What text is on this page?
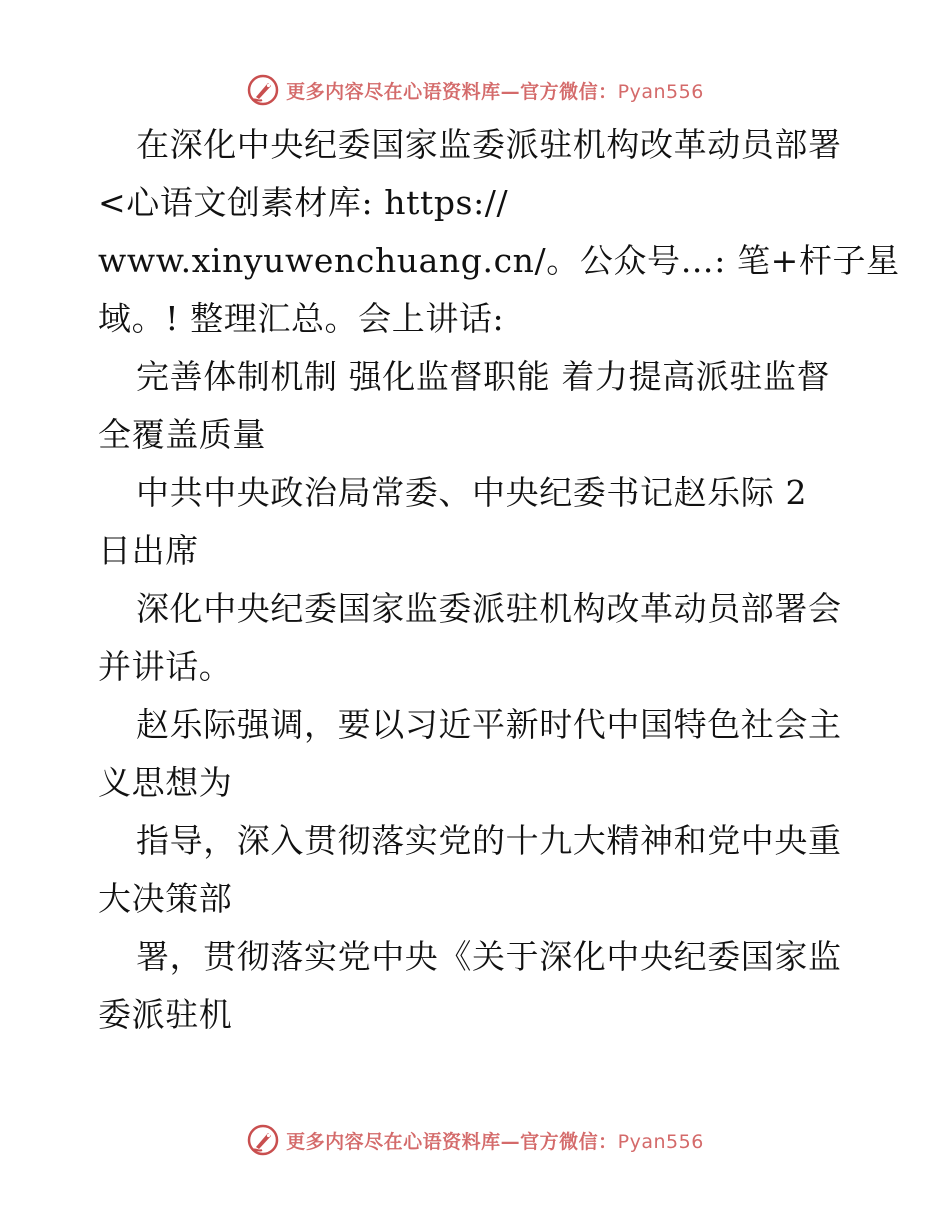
更多内容尽在心语资料库—官方微信：Pyan556
在深化中央纪委国家监委派驻机构改革动员部署
<心语文创素材库: https://
www.xinyuwenchuang.cn/。公众号…: 笔+杆子星
域。! 整理汇总。会上讲话:
完善体制机制 强化监督职能 着力提高派驻监督
全覆盖质量
中共中央政治局常委、中央纪委书记赵乐际 2
日出席
深化中央纪委国家监委派驻机构改革动员部署会
并讲话。
赵乐际强调，要以习近平新时代中国特色社会主
义思想为
指导，深入贯彻落实党的十九大精神和党中央重
大决策部
署，贯彻落实党中央《关于深化中央纪委国家监
委派驻机
更多内容尽在心语资料库—官方微信：Pyan556
